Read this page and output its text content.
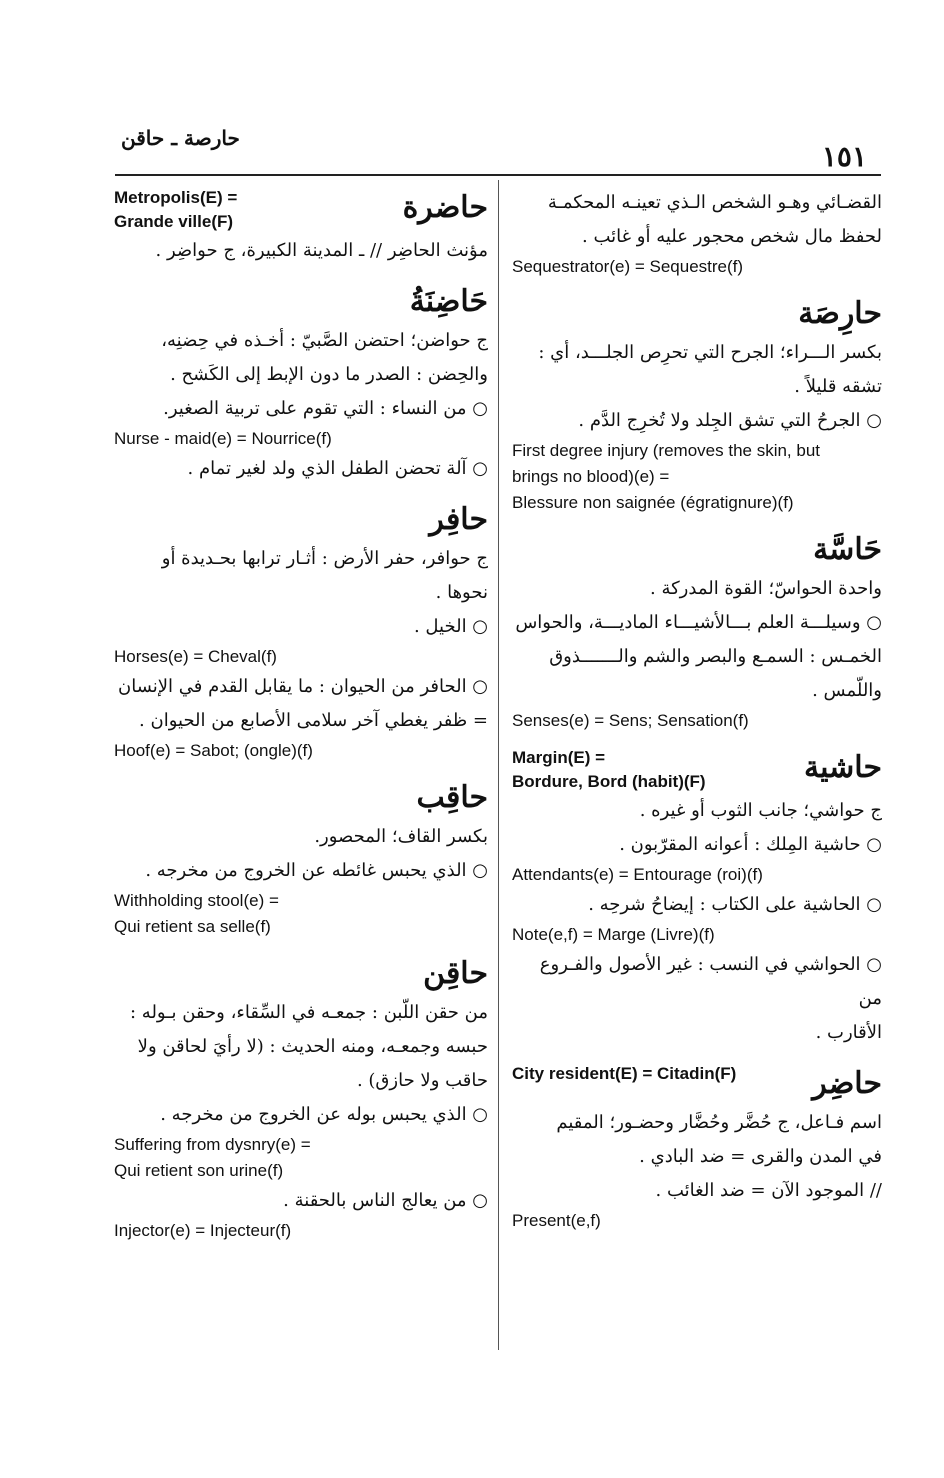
١٥١
حارصة ـ حاقن
القضـائي وهـو الشخص الـذي تعينـه المحكمـة
لحفظ مال شخص محجور عليه أو غائب .
Sequestrator(e) = Sequestre(f)
حارِصَة
بكسر الـــراء؛ الجرح التي تحرِص الجلـــد، أي :
تشقه قليلاً .
○ الجرحُ التي تشق الجِلد ولا تُخرِج الدَّم .
First degree injury (removes the skin, but
brings no blood)(e) =
Blessure non saignée (égratignure)(f)
حَاسَّة
واحدة الحواسّ؛ القوة المدركة .
○ وسيلـــة العلم بـــالأشيـــاء الماديـــة، والحواس
الخمـس : السمـع والبصر والشم والـــــــذوق
واللّمس .
Senses(e) = Sens; Sensation(f)
Margin(E) =
Bordure, Bord (habit)(F)	حاشية
ج حواشي؛ جانب الثوب أو غيره .
○ حاشية المِلك : أعوانه المقرّبون .
Attendants(e) = Entourage (roi)(f)
○ الحاشية على الكتاب : إيضاحُ شرحِه .
Note(e,f) = Marge (Livre)(f)
○ الحواشي في النسب : غير الأصول والفـروع من
الأقارب .
City resident(E) = Citadin(F)	حاضِر
اسم فـاعل، ج حُضَّر وحُضَّار وحضـور؛ المقيم
في المدن والقرى = ضد البادي .
// الموجود الآن = ضد الغائب .
Present(e,f)
Metropolis(E) =
Grande ville(F)	حاضرة
مؤنث الحاضِر // ـ المدينة الكبيرة، ج حواضِر .
حَاضِنَةُ
ج حواضن؛ احتضن الصَّبيّ : أخـذه في حِضنِه،
والحِضن : الصدر ما دون الإبط إلى الكَشح .
○ من النساء : التي تقوم على تربية الصغير.
Nurse - maid(e) = Nourrice(f)
○ آلة تحضن الطفل الذي ولد لغير تمام .
حافِر
ج حوافر، حفر الأرض : أثـار ترابها بحـديدة أو
نحوها .
○ الخيل .
Horses(e) = Cheval(f)
○ الحافر من الحيوان : ما يقابل القدم في الإنسان
= ظفر يغطي آخر سلامى الأصابع من الحيوان .
Hoof(e) = Sabot; (ongle)(f)
حاقِب
بكسر القاف؛ المحصور.
○ الذي يحبس غائطه عن الخروج من مخرجه .
Withholding stool(e) =
Qui retient sa selle(f)
حاقِن
من حقن اللّبن : جمعـه في السِّقاء، وحقن بـوله :
حبسه وجمعـه، ومنه الحديث : (لا رأيَ لحاقن ولا
حاقب ولا حازق) .
○ الذي يحبس بوله عن الخروج من مخرجه .
Suffering from dysnry(e) =
Qui retient son urine(f)
○ من يعالج الناس بالحقنة .
Injector(e) = Injecteur(f)
